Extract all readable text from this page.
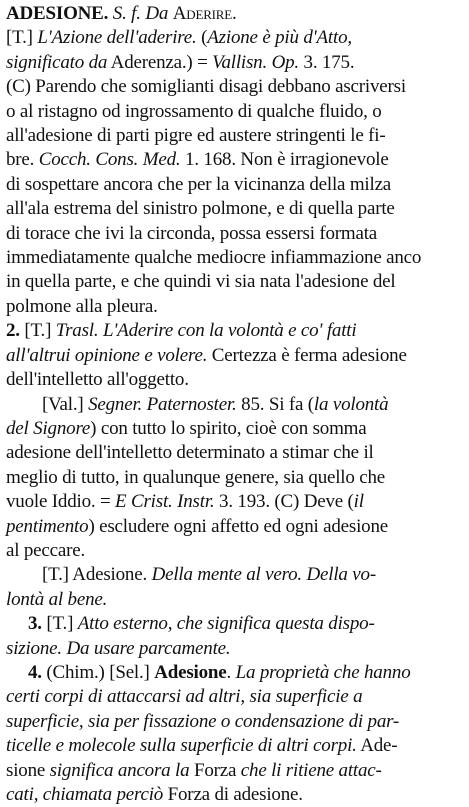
ADESIONE. S. f. Da Aderire.
[T.] L'Azione dell'aderire. (Azione è più d'Atto,
significato da Aderenza.) = Vallisn. Op. 3. 175.
(C) Parendo che somiglianti disagi debbano ascriversi
o al ristagno od ingrossamento di qualche fluido, o
all'adesione di parti pigre ed austere stringenti le fi-
bre. Cocch. Cons. Med. 1. 168. Non è irragionevole
di sospettare ancora che per la vicinanza della milza
all'ala estrema del sinistro polmone, e di quella parte
di torace che ivi la circonda, possa essersi formata
immediatamente qualche mediocre infiammazione anco
in quella parte, e che quindi vi sia nata l'adesione del
polmone alla pleura.
2. [T.] Trasl. L'Aderire con la volontà e co' fatti
all'altrui opinione e volere. Certezza è ferma adesione
dell'intelletto all'oggetto.
[Val.] Segner. Paternoster. 85. Si fa (la volontà
del Signore) con tutto lo spirito, cioè con somma
adesione dell'intelletto determinato a stimar che il
meglio di tutto, in qualunque genere, sia quello che
vuole Iddio. = E Crist. Instr. 3. 193. (C) Deve (il
pentimento) escludere ogni affetto ed ogni adesione
al peccare.
[T.] Adesione. Della mente al vero. Della vo-
lontà al bene.
3. [T.] Atto esterno, che significa questa dispo-
sizione. Da usare parcamente.
4. (Chim.) [Sel.] Adesione. La proprietà che hanno
certi corpi di attaccarsi ad altri, sia superficie a
superficie, sia per fissazione o condensazione di par-
ticelle e molecole sulla superficie di altri corpi. Ade-
sione significa ancora la Forza che li ritiene attac-
cati, chiamata perciò Forza di adesione.
